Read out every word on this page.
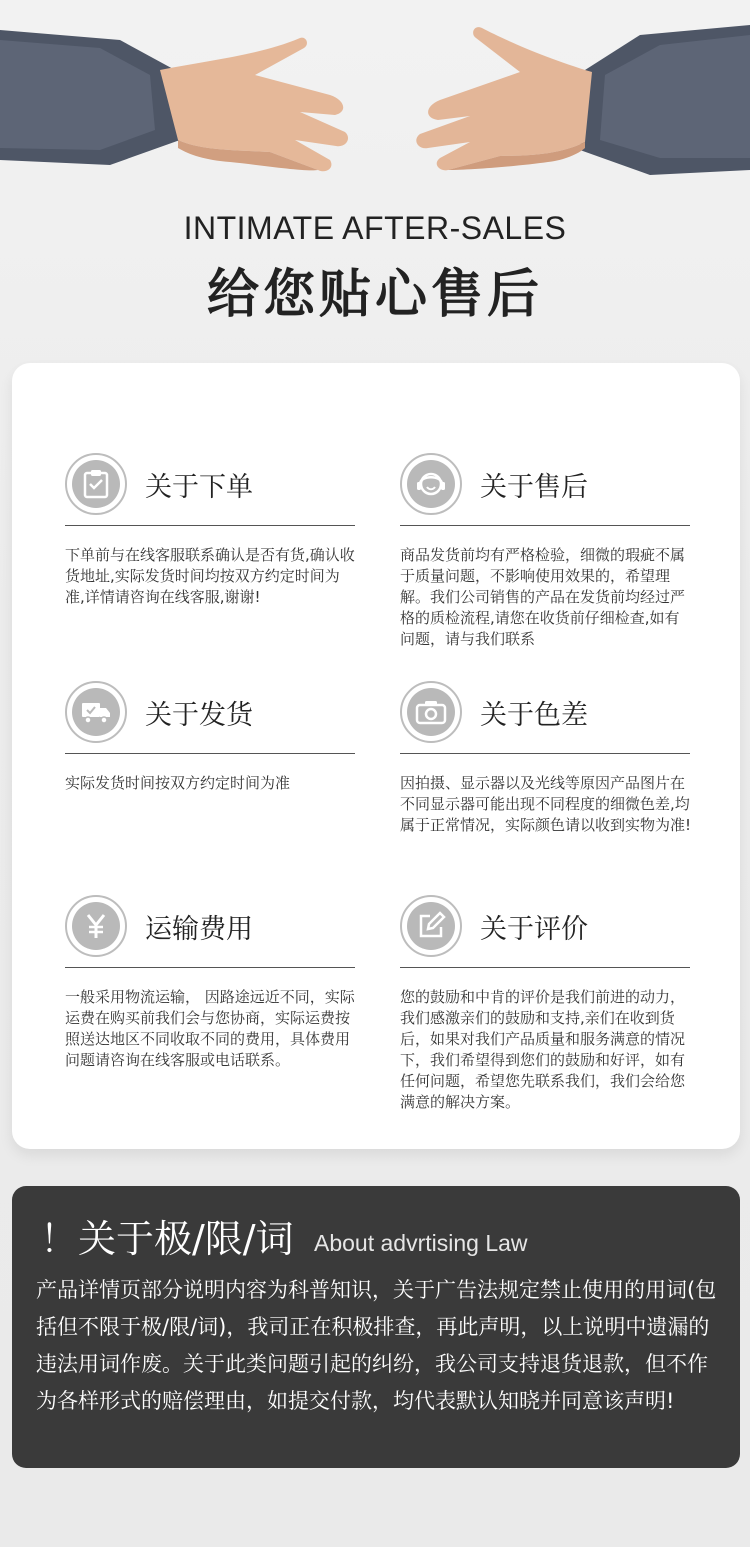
INTIMATE AFTER-SALES
给您贴心售后
关于下单
下单前与在线客服联系确认是否有货,确认收货地址,实际发货时间均按双方约定时间为准,详情请咨询在线客服,谢谢!
关于售后
商品发货前均有严格检验，细微的瑕疵不属于质量问题，不影响使用效果的，希望理解。我们公司销售的产品在发货前均经过严格的质检流程,请您在收货前仔细检查,如有问题，请与我们联系
关于发货
实际发货时间按双方约定时间为准
关于色差
因拍摄、显示器以及光线等原因产品图片在不同显示器可能出现不同程度的细微色差,均属于正常情况，实际颜色请以收到实物为准!
运输费用
一般采用物流运输， 因路途远近不同，实际运费在购买前我们会与您协商，实际运费按照送达地区不同收取不同的费用，具体费用问题请咨询在线客服或电话联系。
关于评价
您的鼓励和中肯的评价是我们前进的动力，我们感激亲们的鼓励和支持,亲们在收到货后，如果对我们产品质量和服务满意的情况下，我们希望得到您们的鼓励和好评，如有任何问题，希望您先联系我们，我们会给您满意的解决方案。
！关于极/限/词 About advrtising Law
产品详情页部分说明内容为科普知识，关于广告法规定禁止使用的用词(包括但不限于极/限/词)，我司正在积极排查，再此声明，以上说明中遗漏的违法用词作废。关于此类问题引起的纠纷，我公司支持退货退款，但不作为各样形式的赔偿理由，如提交付款，均代表默认知晓并同意该声明!
